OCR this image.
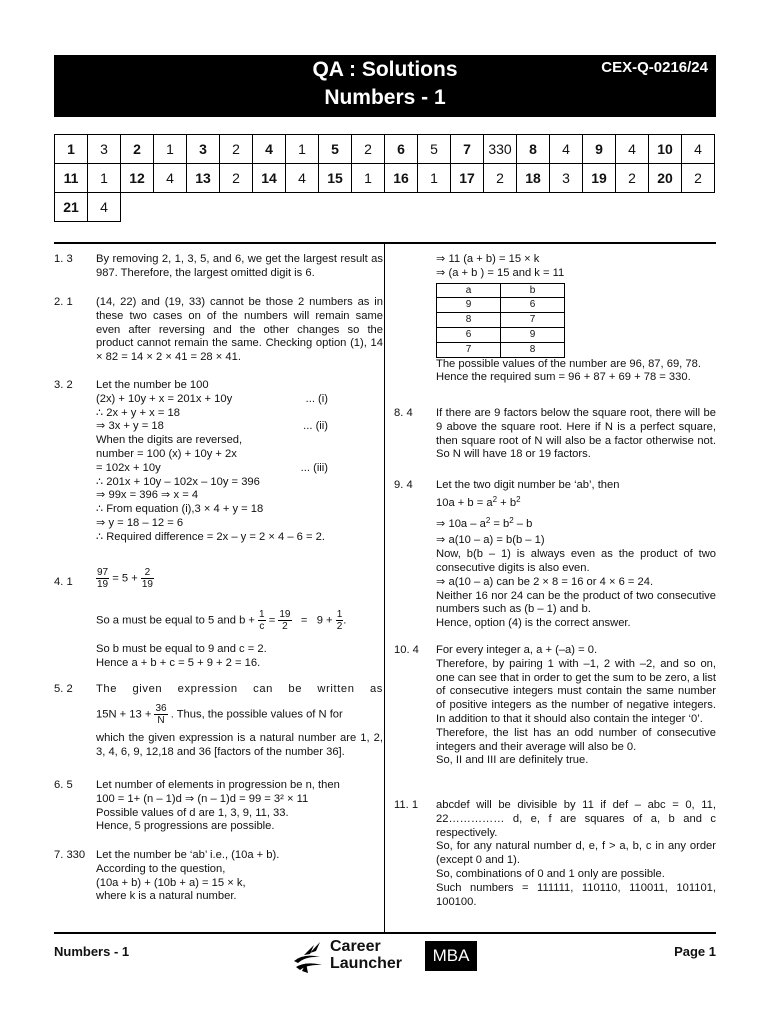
QA : Solutions
Numbers - 1
CEX-Q-0216/24
1	3	2	1	3	2	4	1	5	2	6	5	7	330	8	4	9	4	10	4
11	1	12	4	13	2	14	4	15	1	16	1	17	2	18	3	19	2	20	2
21	4																		
1. 3	By removing 2, 1, 3, 5, and 6, we get the largest result as 987. Therefore, the largest omitted digit is 6.
2. 1	(14, 22) and (19, 33) cannot be those 2 numbers as in these two cases on of the numbers will remain same even after reversing and the other changes so the product cannot remain the same. Checking option (1), 14 × 82 = 14 × 2 × 41 = 28 × 41.
3. 2	Let the number be 100
(2x) + 10y + x = 201x + 10y	... (i)
∴ 2x + y + x = 18
⇒ 3x + y = 18	... (ii)
When the digits are reversed,
number = 100 (x) + 10y + 2x
= 102x + 10y	... (iii)
∴ 201x + 10y – 102x – 10y = 396
⇒ 99x = 396 ⇒ x = 4
∴ From equation (i),3 × 4 + y = 18
⇒ y = 18 – 12 = 6
∴ Required difference = 2x – y = 2 × 4 – 6 = 2.
4. 1	$\frac{97}{19} = 5 + \frac{2}{19}$
So a must be equal to 5 and $b + \frac{1}{c} = \frac{19}{2} = 9 + \frac{1}{2}$ .
So b must be equal to 9 and c = 2.
Hence a + b + c = 5 + 9 + 2 = 16.
5. 2	The given expression can be written as
$15N + 13 + \frac{36}{N}$ . Thus, the possible values of N for
which the given expression is a natural number are 1, 2, 3, 4, 6, 9, 12,18 and 36 [factors of the number 36].
6. 5	Let number of elements in progression be n, then
100 = 1+ (n – 1)d ⇒ (n – 1)d = 99 = 3² × 11
Possible values of d are 1, 3, 9, 11, 33.
Hence, 5 progressions are possible.
7. 330 Let the number be ‘ab’ i.e., (10a + b).
According to the question,
(10a + b) + (10b + a) = 15 × k,
where k is a natural number.
⇒ 11 (a + b) = 15 × k
⇒ (a + b ) = 15 and k = 11
a	b
9	6
8	7
6	9
7	8
The possible values of the number are 96, 87, 69, 78.
Hence the required sum = 96 + 87 + 69 + 78 = 330.
8. 4	If there are 9 factors below the square root, there will be 9 above the square root. Here if N is a perfect square, then square root of N will also be a factor otherwise not. So N will have 18 or 19 factors.
9. 4	Let the two digit number be ‘ab’, then
$10a + b = a^2 + b^2$
⇒ $10a - a^2 = b^2 - b$
⇒ a(10 – a) = b(b – 1)
Now, b(b – 1) is always even as the product of two consecutive digits is also even.
⇒ a(10 – a) can be 2 × 8 = 16 or 4 × 6 = 24.
Neither 16 nor 24 can be the product of two consecutive numbers such as (b – 1) and b.
Hence, option (4) is the correct answer.
10. 4	For every integer a, a + (–a) = 0.
Therefore, by pairing 1 with –1, 2 with –2, and so on, one can see that in order to get the sum to be zero, a list of consecutive integers must contain the same number of positive integers as the number of negative integers. In addition to that it should also contain the integer ‘0’.
Therefore, the list has an odd number of consecutive integers and their average will also be 0.
So, II and III are definitely true.
11. 1	abcdef will be divisible by 11 if def – abc = 0, 11, 22…………… d, e, f are squares of a, b and c respectively.
So, for any natural number d, e, f > a, b, c in any order (except 0 and 1).
So, combinations of 0 and 1 only are possible.
Such numbers = 111111, 110110, 110011, 101101, 100100.
Numbers - 1	Career
Launcher	MBA	Page 1
